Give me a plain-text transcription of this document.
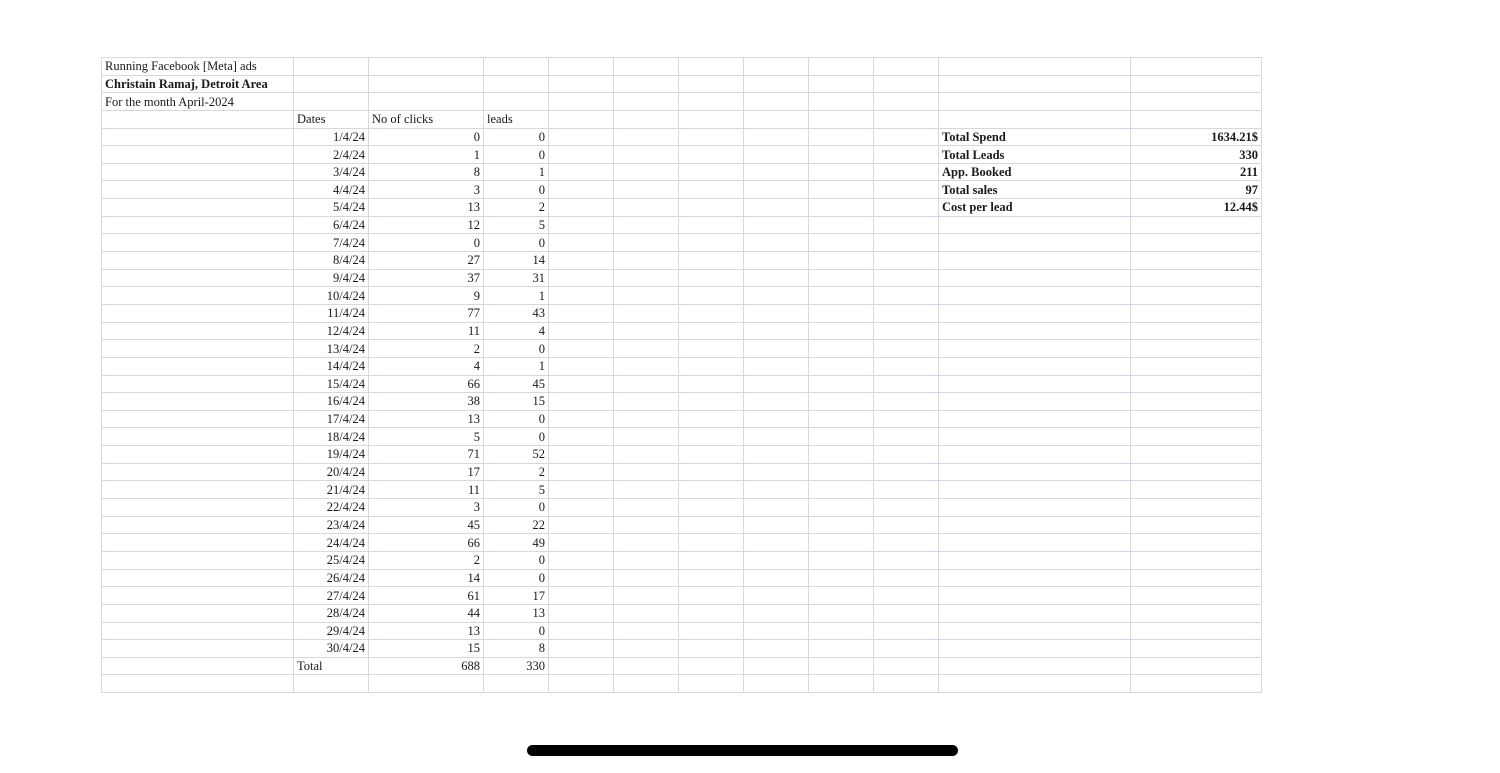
Running Facebook [Meta] ads											
Christain Ramaj, Detroit Area											
For the month April-2024											
	Dates	No of clicks	leads								
	1/4/24	0	0							Total Spend	1634.21$
	2/4/24	1	0							Total Leads	330
	3/4/24	8	1							App. Booked	211
	4/4/24	3	0							Total sales	97
	5/4/24	13	2							Cost per lead	12.44$
	6/4/24	12	5								
	7/4/24	0	0								
	8/4/24	27	14								
	9/4/24	37	31								
	10/4/24	9	1								
	11/4/24	77	43								
	12/4/24	11	4								
	13/4/24	2	0								
	14/4/24	4	1								
	15/4/24	66	45								
	16/4/24	38	15								
	17/4/24	13	0								
	18/4/24	5	0								
	19/4/24	71	52								
	20/4/24	17	2								
	21/4/24	11	5								
	22/4/24	3	0								
	23/4/24	45	22								
	24/4/24	66	49								
	25/4/24	2	0								
	26/4/24	14	0								
	27/4/24	61	17								
	28/4/24	44	13								
	29/4/24	13	0								
	30/4/24	15	8								
	Total	688	330								
